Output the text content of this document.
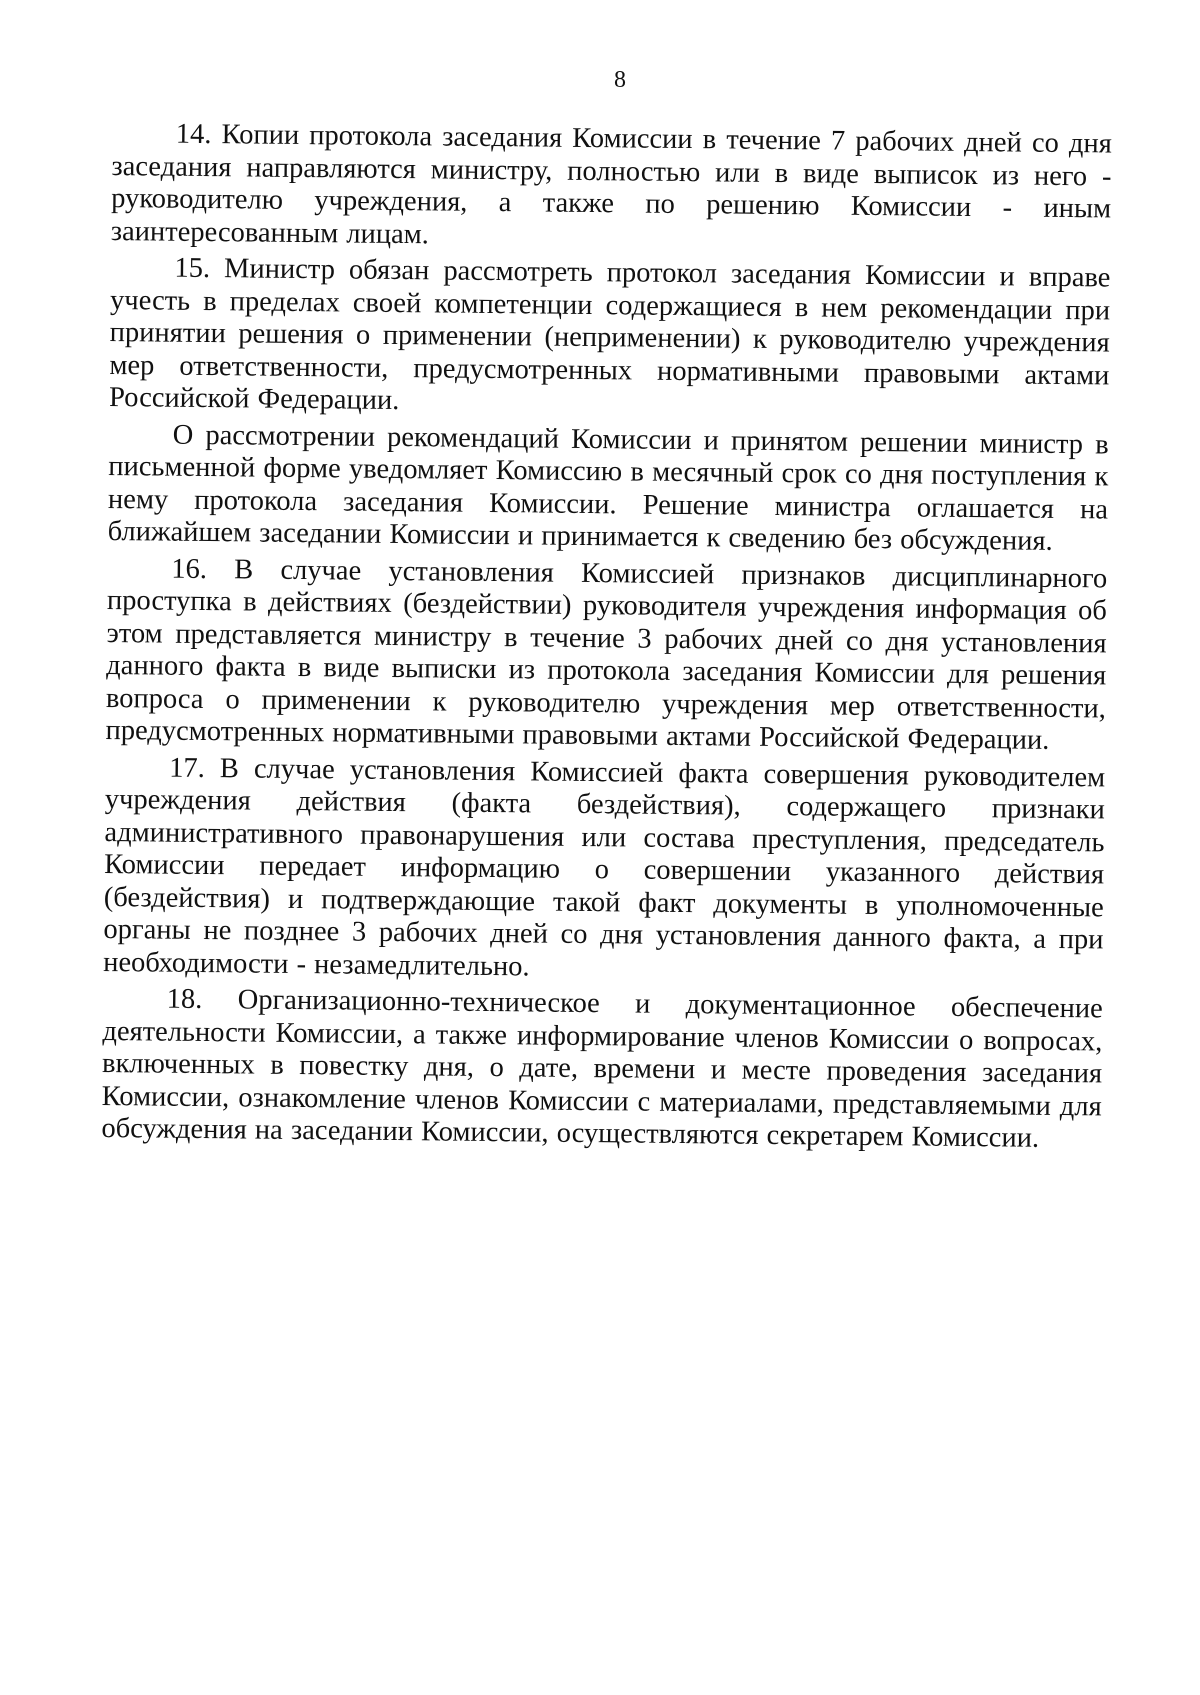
8

14. Копии протокола заседания Комиссии в течение 7 рабочих дней со дня заседания направляются министру, полностью или в виде выписок из него - руководителю учреждения, а также по решению Комиссии - иным заинтересованным лицам.

15. Министр обязан рассмотреть протокол заседания Комиссии и вправе учесть в пределах своей компетенции содержащиеся в нем рекомендации при принятии решения о применении (неприменении) к руководителю учреждения мер ответственности, предусмотренных нормативными правовыми актами Российской Федерации.

О рассмотрении рекомендаций Комиссии и принятом решении министр в письменной форме уведомляет Комиссию в месячный срок со дня поступления к нему протокола заседания Комиссии. Решение министра оглашается на ближайшем заседании Комиссии и принимается к сведению без обсуждения.

16. В случае установления Комиссией признаков дисциплинарного проступка в действиях (бездействии) руководителя учреждения информация об этом представляется министру в течение 3 рабочих дней со дня установления данного факта в виде выписки из протокола заседания Комиссии для решения вопроса о применении к руководителю учреждения мер ответственности, предусмотренных нормативными правовыми актами Российской Федерации.

17. В случае установления Комиссией факта совершения руководителем учреждения действия (факта бездействия), содержащего признаки административного правонарушения или состава преступления, председатель Комиссии передает информацию о совершении указанного действия (бездействия) и подтверждающие такой факт документы в уполномоченные органы не позднее 3 рабочих дней со дня установления данного факта, а при необходимости - незамедлительно.

18. Организационно-техническое и документационное обеспечение деятельности Комиссии, а также информирование членов Комиссии о вопросах, включенных в повестку дня, о дате, времени и месте проведения заседания Комиссии, ознакомление членов Комиссии с материалами, представляемыми для обсуждения на заседании Комиссии, осуществляются секретарем Комиссии.
